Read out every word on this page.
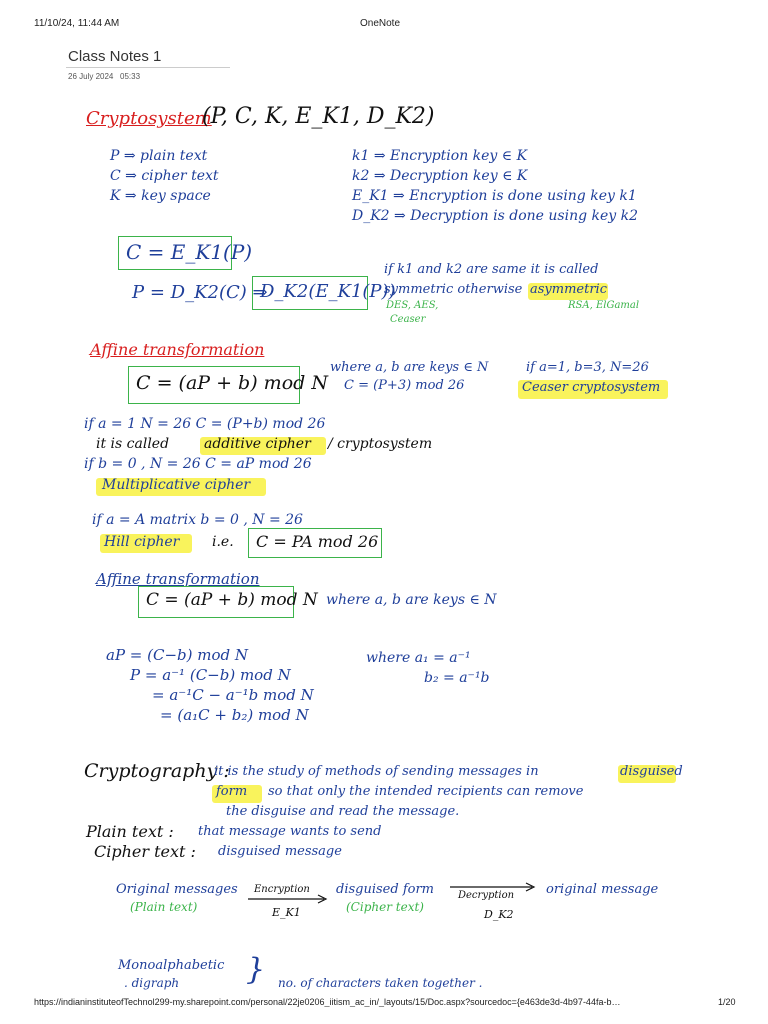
11/10/24, 11:44 AM	OneNote
Class Notes 1
26 July 2024 05:33
Cryptosystem
(P, C, K, E_K1, D_K2)
P ⇒ plain text
C ⇒ cipher text
K ⇒ key space
k1 ⇒ Encryption key ∈ K
k2 ⇒ Decryption key ∈ K
E_K1 ⇒ Encryption is done using key k1
D_K2 ⇒ Decryption is done using key k2
C = E_K1(P)
P = D_K2(C) ⇒
D_K2(E_K1(P))
if k1 and k2 are same it is called
symmetric otherwise asymmetric
DES, AES,
Ceaser
RSA, ElGamal
Affine transformation
C = (aP + b) mod N
where a, b are keys ∈ N	if a=1, b=3, N=26
C = (P+3) mod 26	Ceaser cryptosystem
if a = 1 N = 26 C = (P+b) mod 26
it is called additive cipher / cryptosystem
if b = 0 , N = 26 C = aP mod 26
Multiplicative cipher
if a = A matrix b = 0 , N = 26
Hill cipher i.e. C = PA mod 26
Affine transformation
C = (aP + b) mod N where a, b are keys ∈ N
aP = (C−b) mod N
P = a⁻¹ (C−b) mod N
= a⁻¹C − a⁻¹b mod N
= (a₁C + b₂) mod N
where a₁ = a⁻¹
b₂ = a⁻¹b
Cryptography :
it is the study of methods of sending messages in	disguised
form so that only the intended recipients can remove
the disguise and read the message.
Plain text : that message wants to send
Cipher text : disguised message
Original messages
(Plain text)
Encryption
E_K1
disguised form
(Cipher text)
Decryption
D_K2
original message
Monoalphabetic
. digraph } no. of characters taken together .
https://indianinstituteofTechnol299-my.sharepoint.com/personal/22je0206_iitism_ac_in/_layouts/15/Doc.aspx?sourcedoc={e463de3d-4b97-44fa-b…	1/20
